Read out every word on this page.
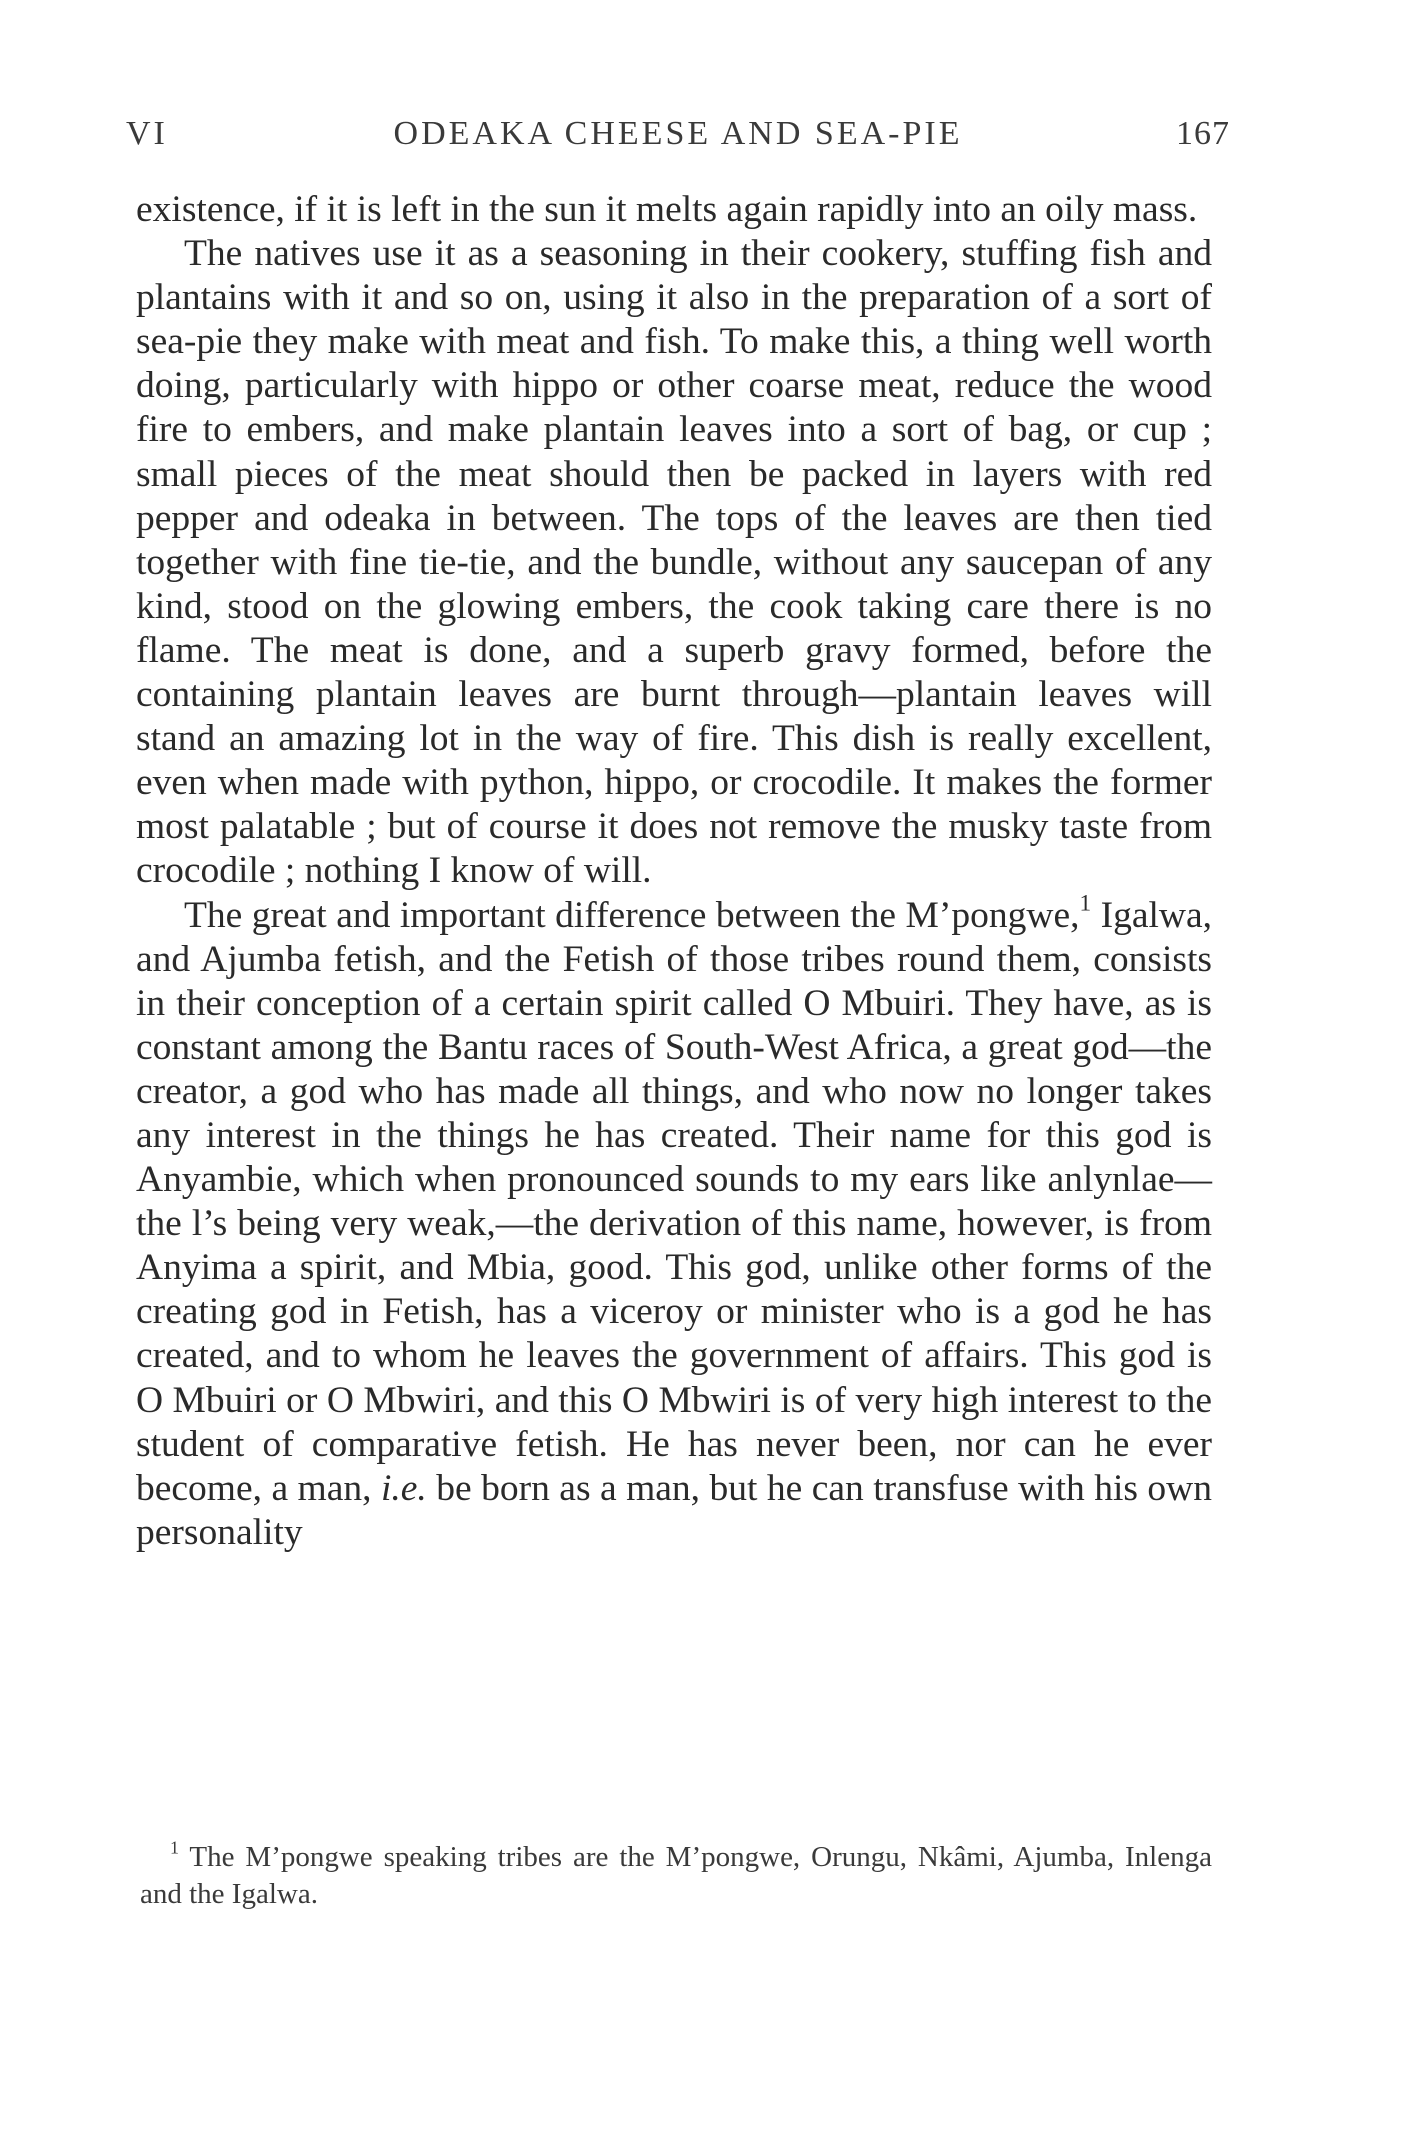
VI	ODEAKA CHEESE AND SEA-PIE	167

existence, if it is left in the sun it melts again rapidly into an oily mass.

The natives use it as a seasoning in their cookery, stuffing fish and plantains with it and so on, using it also in the preparation of a sort of sea-pie they make with meat and fish. To make this, a thing well worth doing, particularly with hippo or other coarse meat, reduce the wood fire to embers, and make plantain leaves into a sort of bag, or cup ; small pieces of the meat should then be packed in layers with red pepper and odeaka in between. The tops of the leaves are then tied together with fine tie-tie, and the bundle, without any saucepan of any kind, stood on the glowing embers, the cook taking care there is no flame. The meat is done, and a superb gravy formed, before the containing plantain leaves are burnt through—plantain leaves will stand an amazing lot in the way of fire. This dish is really excellent, even when made with python, hippo, or crocodile. It makes the former most palatable ; but of course it does not remove the musky taste from crocodile ; nothing I know of will.

The great and important difference between the M’pongwe,$^1$ Igalwa, and Ajumba fetish, and the Fetish of those tribes round them, consists in their conception of a certain spirit called O Mbuiri. They have, as is constant among the Bantu races of South-West Africa, a great god—the creator, a god who has made all things, and who now no longer takes any interest in the things he has created. Their name for this god is Anyambie, which when pronounced sounds to my ears like anlynlae—the l’s being very weak,—the derivation of this name, however, is from Anyima a spirit, and Mbia, good. This god, unlike other forms of the creating god in Fetish, has a viceroy or minister who is a god he has created, and to whom he leaves the government of affairs. This god is O Mbuiri or O Mbwiri, and this O Mbwiri is of very high interest to the student of comparative fetish. He has never been, nor can he ever become, a man, i.e. be born as a man, but he can transfuse with his own personality

$^1$ The M’pongwe speaking tribes are the M’pongwe, Orungu, Nkâmi, Ajumba, Inlenga and the Igalwa.
